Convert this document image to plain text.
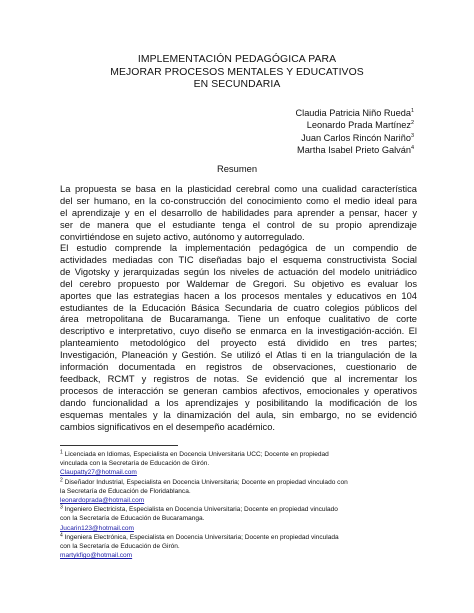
IMPLEMENTACIÓN PEDAGÓGICA PARA
MEJORAR PROCESOS MENTALES Y EDUCATIVOS
EN SECUNDARIA
Claudia Patricia Niño Rueda$^1$
Leonardo Prada Martínez$^2$
Juan Carlos Rincón Nariño$^3$
Martha Isabel Prieto Galván$^4$
Resumen
La propuesta se basa en la plasticidad cerebral como una cualidad característica
del ser humano, en la co-construcción del conocimiento como el medio ideal para
el aprendizaje y en el desarrollo de habilidades para aprender a pensar, hacer y
ser de manera que el estudiante tenga el control de su propio aprendizaje
convirtiéndose en sujeto activo, autónomo y autorregulado.
El estudio comprende la implementación pedagógica de un compendio de
actividades mediadas con TIC diseñadas bajo el esquema constructivista Social
de Vigotsky y jerarquizadas según los niveles de actuación del modelo unitriádico
del cerebro propuesto por Waldemar de Gregori. Su objetivo es evaluar los
aportes que las estrategias hacen a los procesos mentales y educativos en 104
estudiantes de la Educación Básica Secundaria de cuatro colegios públicos del
área metropolitana de Bucaramanga. Tiene un enfoque cualitativo de corte
descriptivo e interpretativo, cuyo diseño se enmarca en la investigación-acción. El
planteamiento metodológico del proyecto está dividido en tres partes;
Investigación, Planeación y Gestión. Se utilizó el Atlas ti en la triangulación de la
información documentada en registros de observaciones, cuestionario de
feedback, RCMT y registros de notas. Se evidenció que al incrementar los
procesos de interacción se generan cambios afectivos, emocionales y operativos
dando funcionalidad a los aprendizajes y posibilitando la modificación de los
esquemas mentales y la dinamización del aula, sin embargo, no se evidenció
cambios significativos en el desempeño académico.
$^1$ Licenciada en Idiomas, Especialista en Docencia Universitaria UCC; Docente en propiedad
vinculada con la Secretaría de Educación de Girón.
Claupatty27@hotmail.com
$^2$ Diseñador Industrial, Especialista en Docencia Universitaria; Docente en propiedad vinculado con
la Secretaría de Educación de Floridablanca.
leonardoprada@hotmail.com
$^3$ Ingeniero Electricista, Especialista en Docencia Universitaria; Docente en propiedad vinculado
con la Secretaría de Educación de Bucaramanga.
Jucarin123@hotmail.com
$^4$ Ingeniera Electrónica, Especialista en Docencia Universitaria; Docente en propiedad vinculada
con la Secretaría de Educación de Girón.
martykfigo@hotmail.com
